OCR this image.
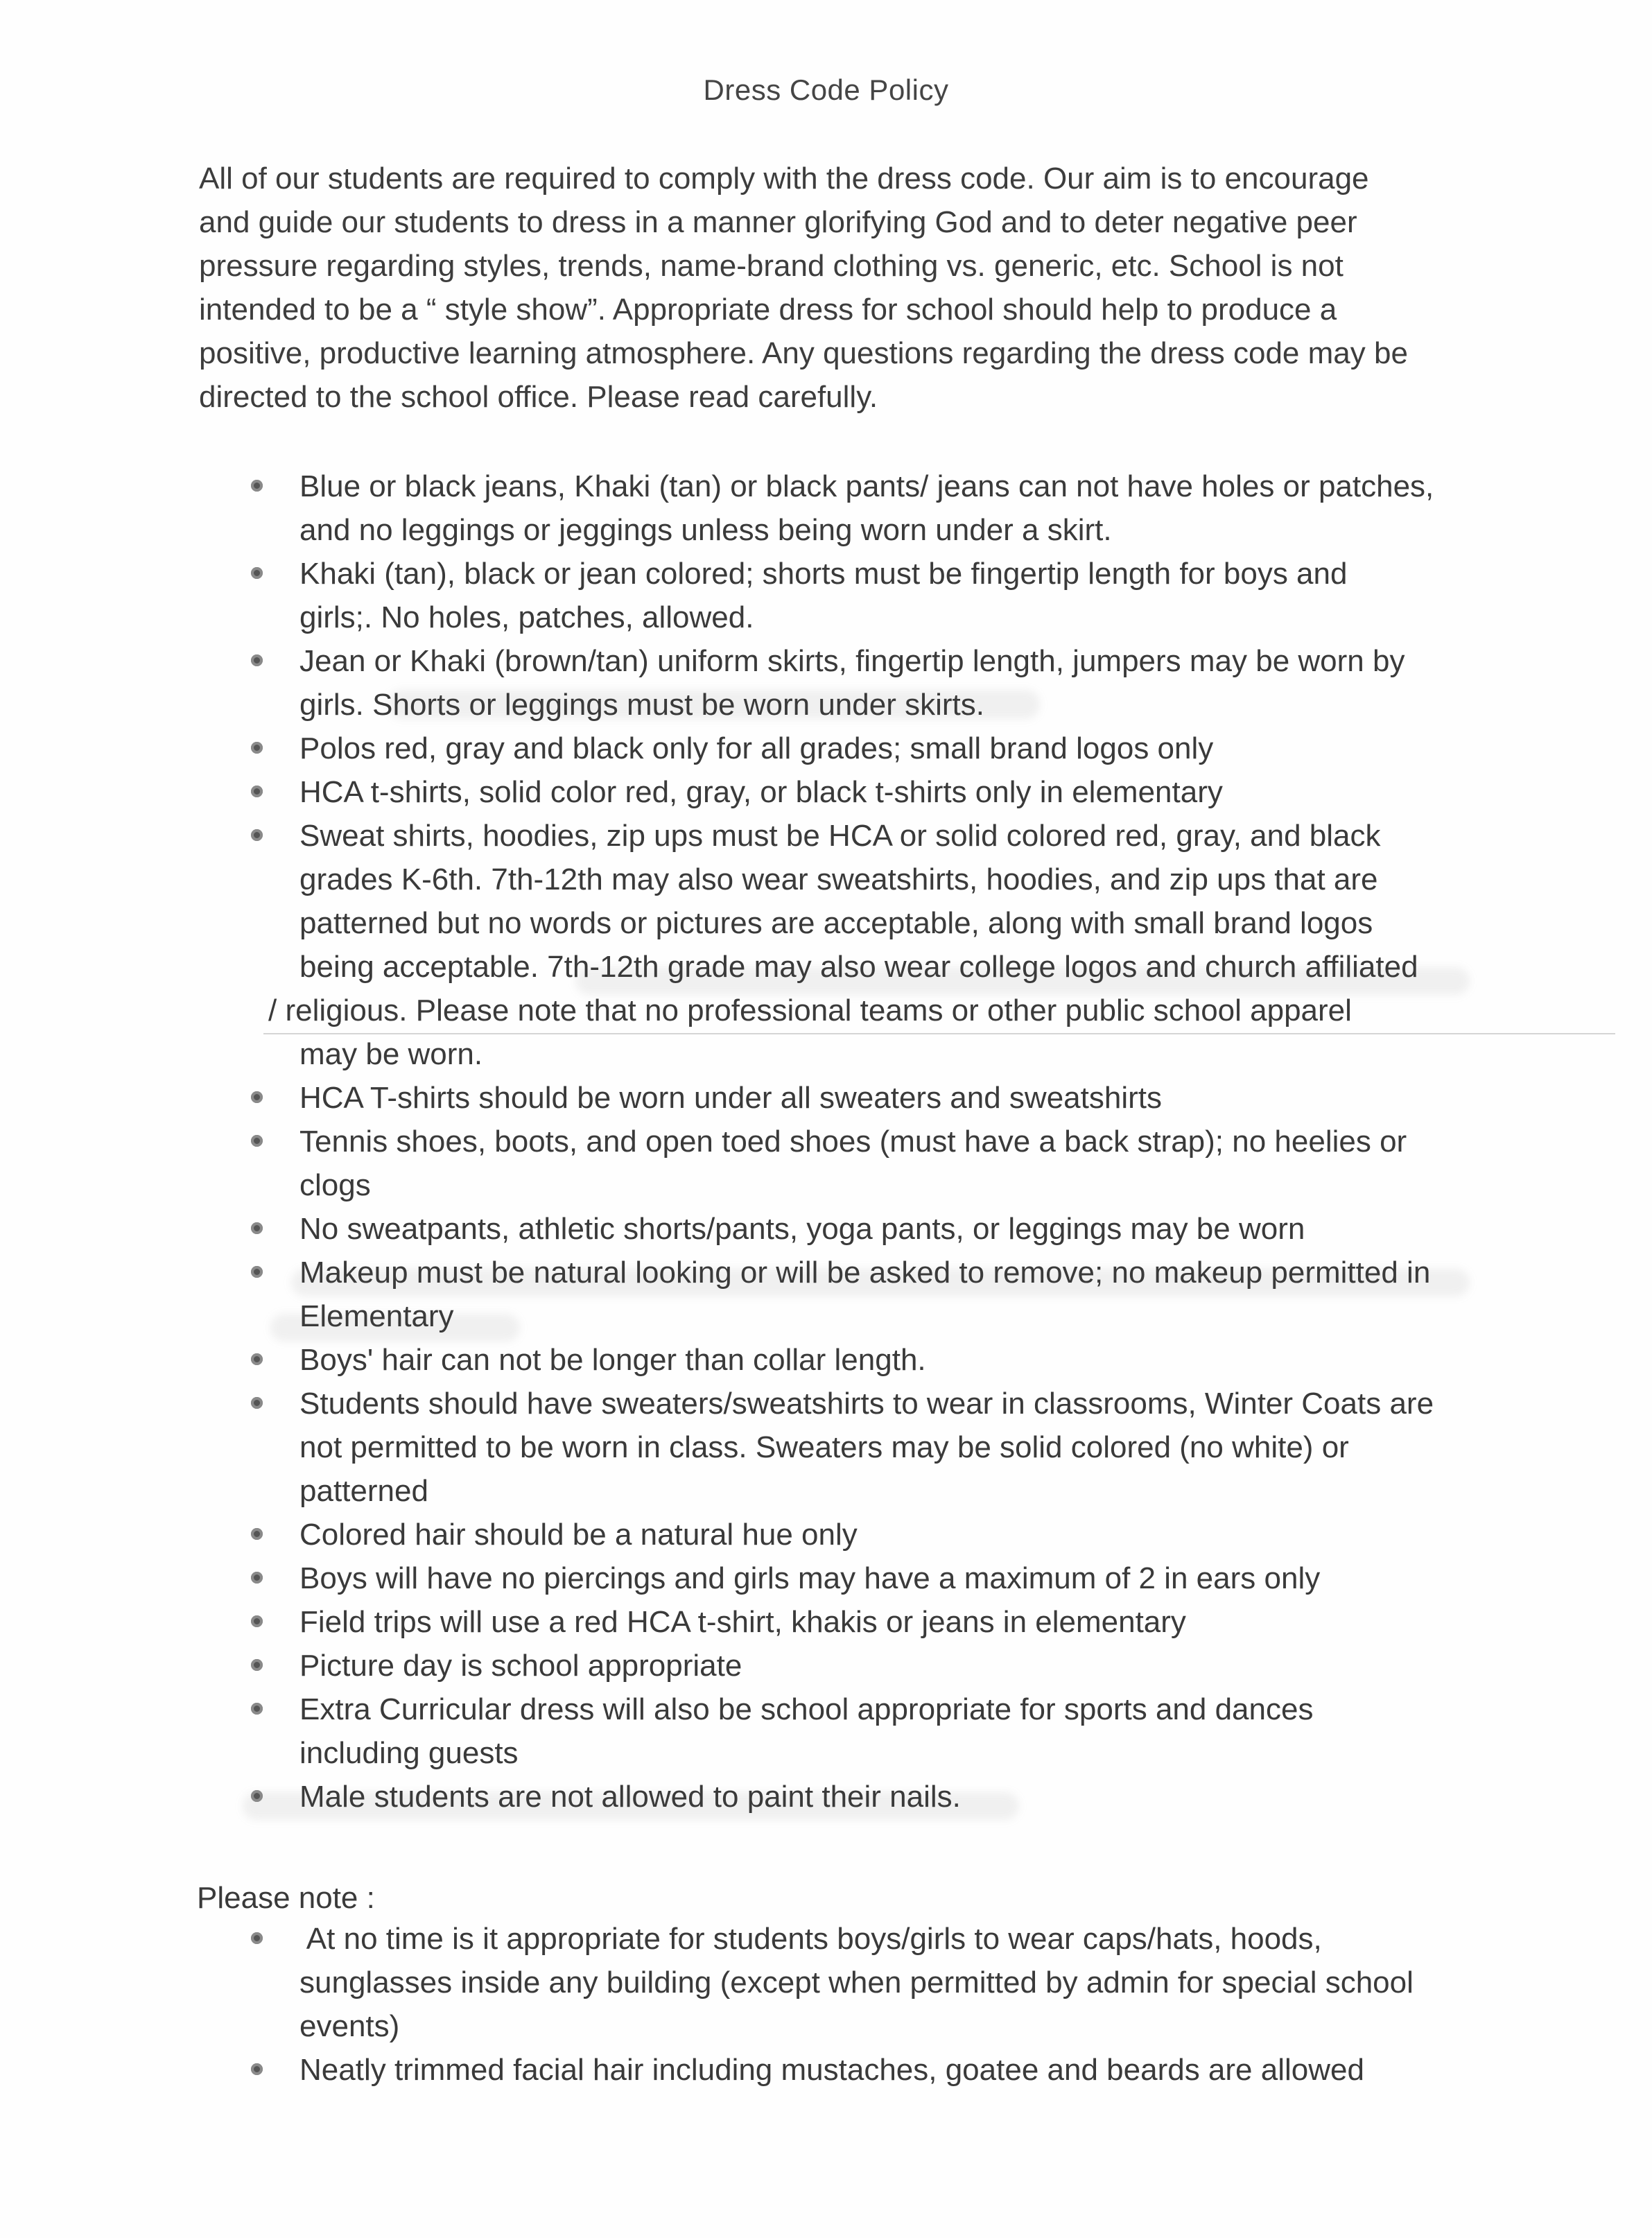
Dress Code Policy

All of our students are required to comply with the dress code. Our aim is to encourage
and guide our students to dress in a manner glorifying God and to deter negative peer
pressure regarding styles, trends, name-brand clothing vs. generic, etc. School is not
intended to be a “ style show”. Appropriate dress for school should help to produce a
positive, productive learning atmosphere. Any questions regarding the dress code may be
directed to the school office. Please read carefully.

Blue or black jeans, Khaki (tan) or black pants/ jeans can not have holes or patches,
and no leggings or jeggings unless being worn under a skirt.
Khaki (tan), black or jean colored; shorts must be fingertip length for boys and
girls;. No holes, patches, allowed.
Jean or Khaki (brown/tan) uniform skirts, fingertip length, jumpers may be worn by
girls. Shorts or leggings must be worn under skirts.
Polos red, gray and black only for all grades; small brand logos only
HCA t-shirts, solid color red, gray, or black t-shirts only in elementary
Sweat shirts, hoodies, zip ups must be HCA or solid colored red, gray, and black
grades K-6th. 7th-12th may also wear sweatshirts, hoodies, and zip ups that are
patterned but no words or pictures are acceptable, along with small brand logos
being acceptable. 7th-12th grade may also wear college logos and church affiliated
/ religious. Please note that no professional teams or other public school apparel
may be worn.
HCA T-shirts should be worn under all sweaters and sweatshirts
Tennis shoes, boots, and open toed shoes (must have a back strap); no heelies or
clogs
No sweatpants, athletic shorts/pants, yoga pants, or leggings may be worn
Makeup must be natural looking or will be asked to remove; no makeup permitted in
Elementary
Boys' hair can not be longer than collar length.
Students should have sweaters/sweatshirts to wear in classrooms, Winter Coats are
not permitted to be worn in class. Sweaters may be solid colored (no white) or
patterned
Colored hair should be a natural hue only
Boys will have no piercings and girls may have a maximum of 2 in ears only
Field trips will use a red HCA t-shirt, khakis or jeans in elementary
Picture day is school appropriate
Extra Curricular dress will also be school appropriate for sports and dances
including guests
Male students are not allowed to paint their nails.
Please note :
At no time is it appropriate for students boys/girls to wear caps/hats, hoods,
sunglasses inside any building (except when permitted by admin for special school
events)
Neatly trimmed facial hair including mustaches, goatee and beards are allowed
